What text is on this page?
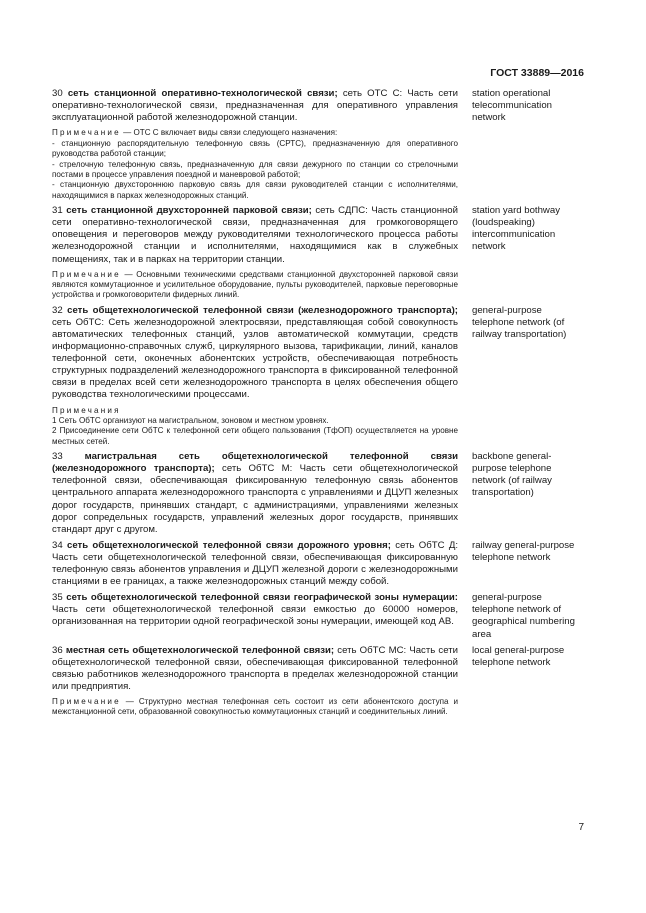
ГОСТ 33889—2016

30 сеть станционной оперативно-технологической связи; сеть ОТС С: Часть сети оперативно-технологической связи, предназначенная для оперативного управления эксплуатационной работой железнодорожной станции.

Примечание — ОТС С включает виды связи следующего назначения:
- станционную распорядительную телефонную связь (СРТС), предназначенную для оперативного руководства работой станции;
- стрелочную телефонную связь, предназначенную для связи дежурного по станции со стрелочными постами в процессе управления поездной и маневровой работой;
- станционную двухстороннюю парковую связь для связи руководителей станции с исполнителями, находящимися в парках железнодорожных станций.
station operational telecommunication network

31 сеть станционной двухсторонней парковой связи; сеть СДПС: Часть станционной сети оперативно-технологической связи, предназначенная для громкоговорящего оповещения и переговоров между руководителями технологического процесса работы железнодорожной станции и исполнителями, находящимися как в служебных помещениях, так и в парках на территории станции.

Примечание — Основными техническими средствами станционной двухсторонней парковой связи являются коммутационное и усилительное оборудование, пульты руководителей, парковые переговорные устройства и громкоговорители фидерных линий.
station yard bothway (loudspeaking) intercommunication network

32 сеть общетехнологической телефонной связи (железнодорожного транспорта); сеть ОбТС: Сеть железнодорожной электросвязи, представляющая собой совокупность автоматических телефонных станций, узлов автоматической коммутации, средств информационно-справочных служб, циркулярного вызова, тарификации, линий, каналов телефонной сети, оконечных абонентских устройств, обеспечивающая потребность структурных подразделений железнодорожного транспорта в фиксированной телефонной связи в пределах всей сети железнодорожного транспорта в целях обеспечения общего руководства технологическими процессами.

Примечания
1 Сеть ОбТС организуют на магистральном, зоновом и местном уровнях.
2 Присоединение сети ОбТС к телефонной сети общего пользования (ТфОП) осуществляется на уровне местных сетей.
general-purpose telephone network (of railway transportation)

33 магистральная сеть общетехнологической телефонной связи (железнодорожного транспорта); сеть ОбТС М: Часть сети общетехнологической телефонной связи, обеспечивающая фиксированную телефонную связь абонентов центрального аппарата железнодорожного транспорта с управлениями и ДЦУП железных дорог государств, принявших стандарт, с администрациями, управлениями железных дорог сопредельных государств, управлений железных дорог государств, принявших стандарт друг с другом.

backbone general-purpose telephone network (of railway transportation)

34 сеть общетехнологической телефонной связи дорожного уровня; сеть ОбТС Д: Часть сети общетехнологической телефонной связи, обеспечивающая фиксированную телефонную связь абонентов управления и ДЦУП железной дороги с железнодорожными станциями в ее границах, а также железнодорожных станций между собой.

railway general-purpose telephone network

35 сеть общетехнологической телефонной связи географической зоны нумерации: Часть сети общетехнологической телефонной связи емкостью до 60000 номеров, организованная на территории одной географической зоны нумерации, имеющей код АВ.

general-purpose telephone network of geographical numbering area

36 местная сеть общетехнологической телефонной связи; сеть ОбТС МС: Часть сети общетехнологической телефонной связи, обеспечивающая фиксированной телефонной связью работников железнодорожного транспорта в пределах железнодорожной станции или предприятия.

Примечание — Структурно местная телефонная сеть состоит из сети абонентского доступа и межстанционной сети, образованной совокупностью коммутационных станций и соединительных линий.
local general-purpose telephone network
7
